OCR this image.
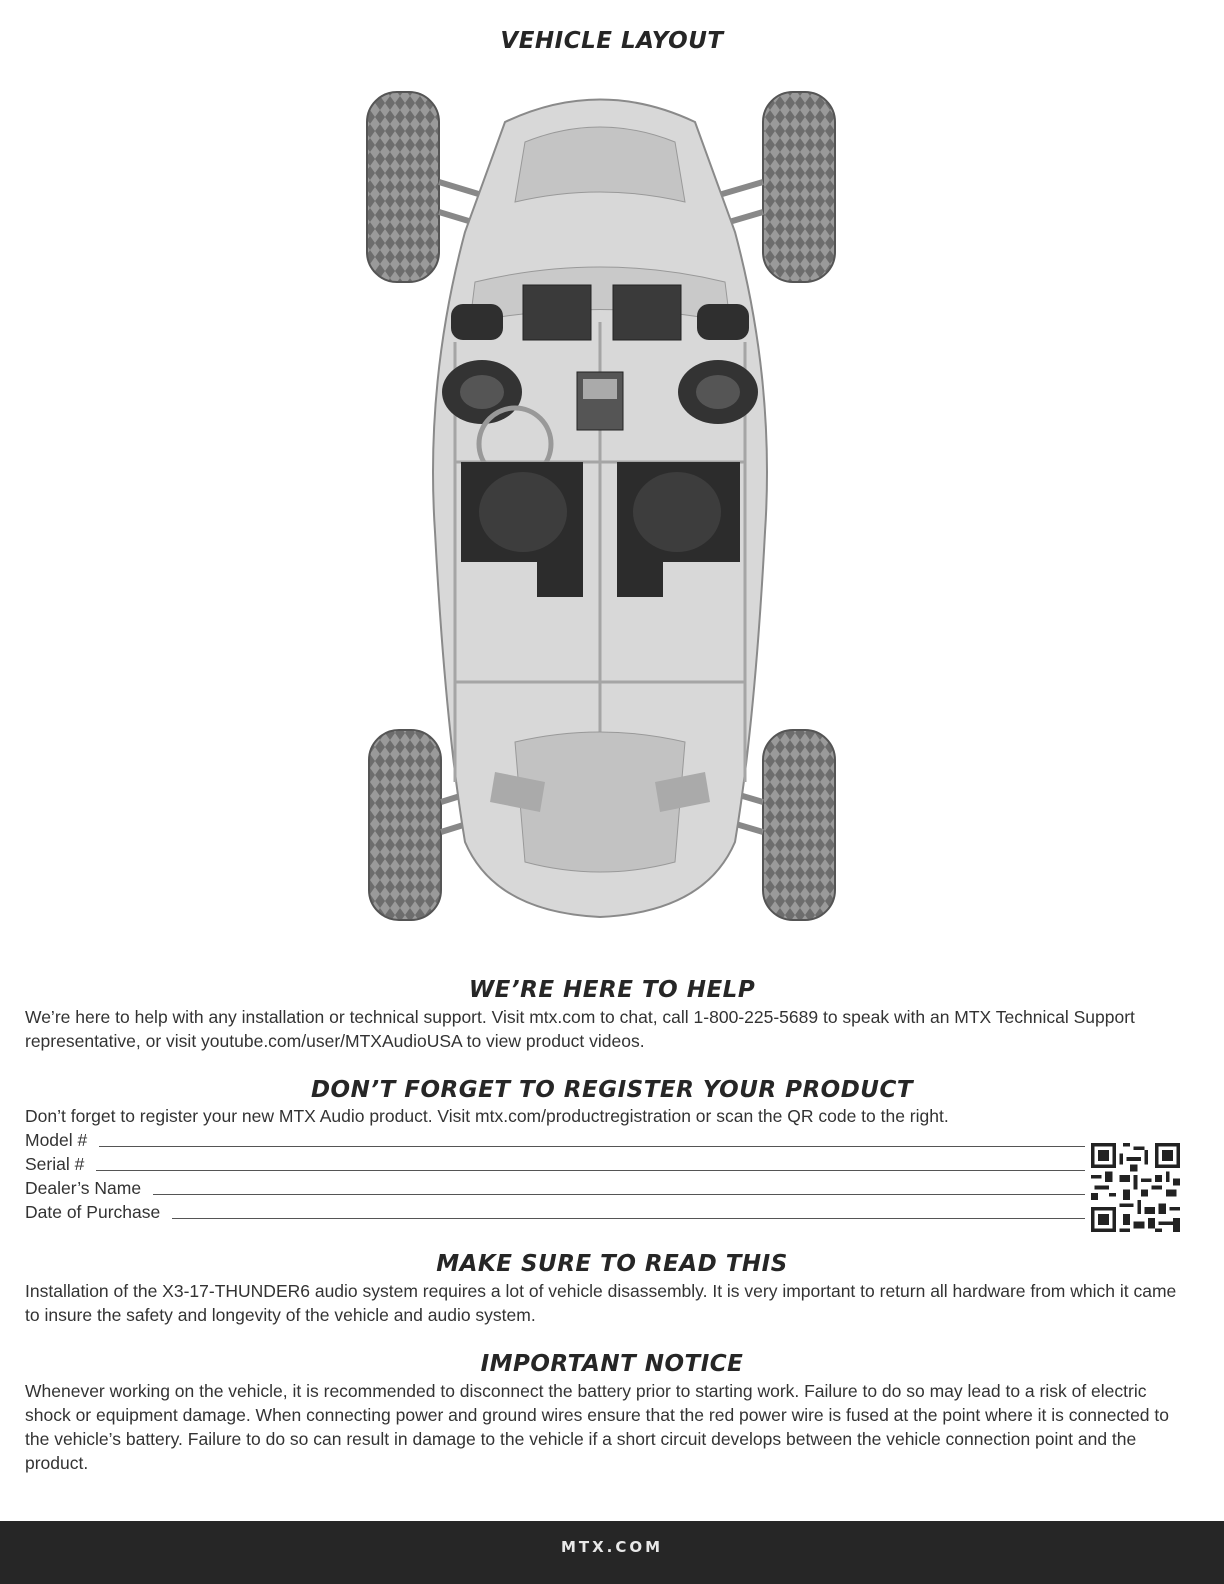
VEHICLE LAYOUT
WE’RE HERE TO HELP

We’re here to help with any installation or technical support. Visit mtx.com to chat, call 1-800-225-5689 to speak with an MTX Technical Support representative, or visit youtube.com/user/MTXAudioUSA to view product videos.

DON’T FORGET TO REGISTER YOUR PRODUCT

Don’t forget to register your new MTX Audio product. Visit mtx.com/productregistration or scan the QR code to the right.

Model #
Serial #
Dealer’s Name
Date of Purchase
MAKE SURE TO READ THIS

Installation of the X3-17-THUNDER6 audio system requires a lot of vehicle disassembly. It is very important to return all hardware from which it came to insure the safety and longevity of the vehicle and audio system.

IMPORTANT NOTICE

Whenever working on the vehicle, it is recommended to disconnect the battery prior to starting work. Failure to do so may lead to a risk of electric shock or equipment damage. When connecting power and ground wires ensure that the red power wire is fused at the point where it is connected to the vehicle’s battery. Failure to do so can result in damage to the vehicle if a short circuit develops between the vehicle connection point and the product.

MTX.COM
